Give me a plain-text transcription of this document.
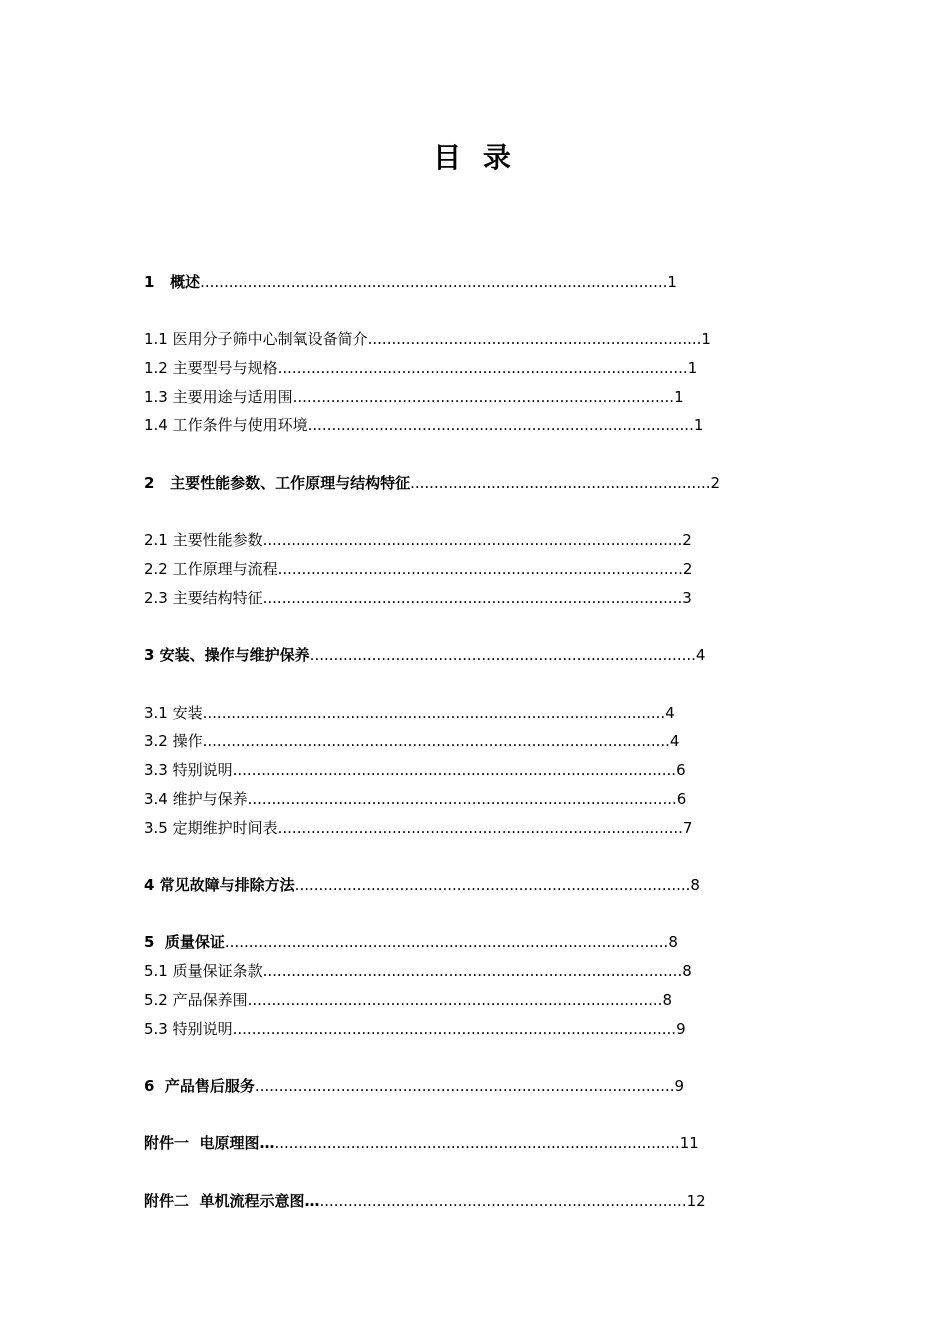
目 录
1   概述..................................................................................................1
1.1 医用分子筛中心制氧设备简介......................................................................1
1.2 主要型号与规格......................................................................................1
1.3 主要用途与适用围................................................................................1
1.4 工作条件与使用环境.................................................................................1
2   主要性能参数、工作原理与结构特征...............................................................2
2.1 主要性能参数........................................................................................2
2.2 工作原理与流程.....................................................................................2
2.3 主要结构特征........................................................................................3
3 安装、操作与维护保养.................................................................................4
3.1 安装.................................................................................................4
3.2 操作..................................................................................................4
3.3 特别说明.............................................................................................6
3.4 维护与保养..........................................................................................6
3.5 定期维护时间表.....................................................................................7
4 常见故障与排除方法...................................................................................8
5  质量保证.............................................................................................8
5.1 质量保证条款........................................................................................8
5.2 产品保养围.......................................................................................8
5.3 特别说明.............................................................................................9
6  产品售后服务........................................................................................9
附件一  电原理图….....................................................................................11
附件二  单机流程示意图….............................................................................12
